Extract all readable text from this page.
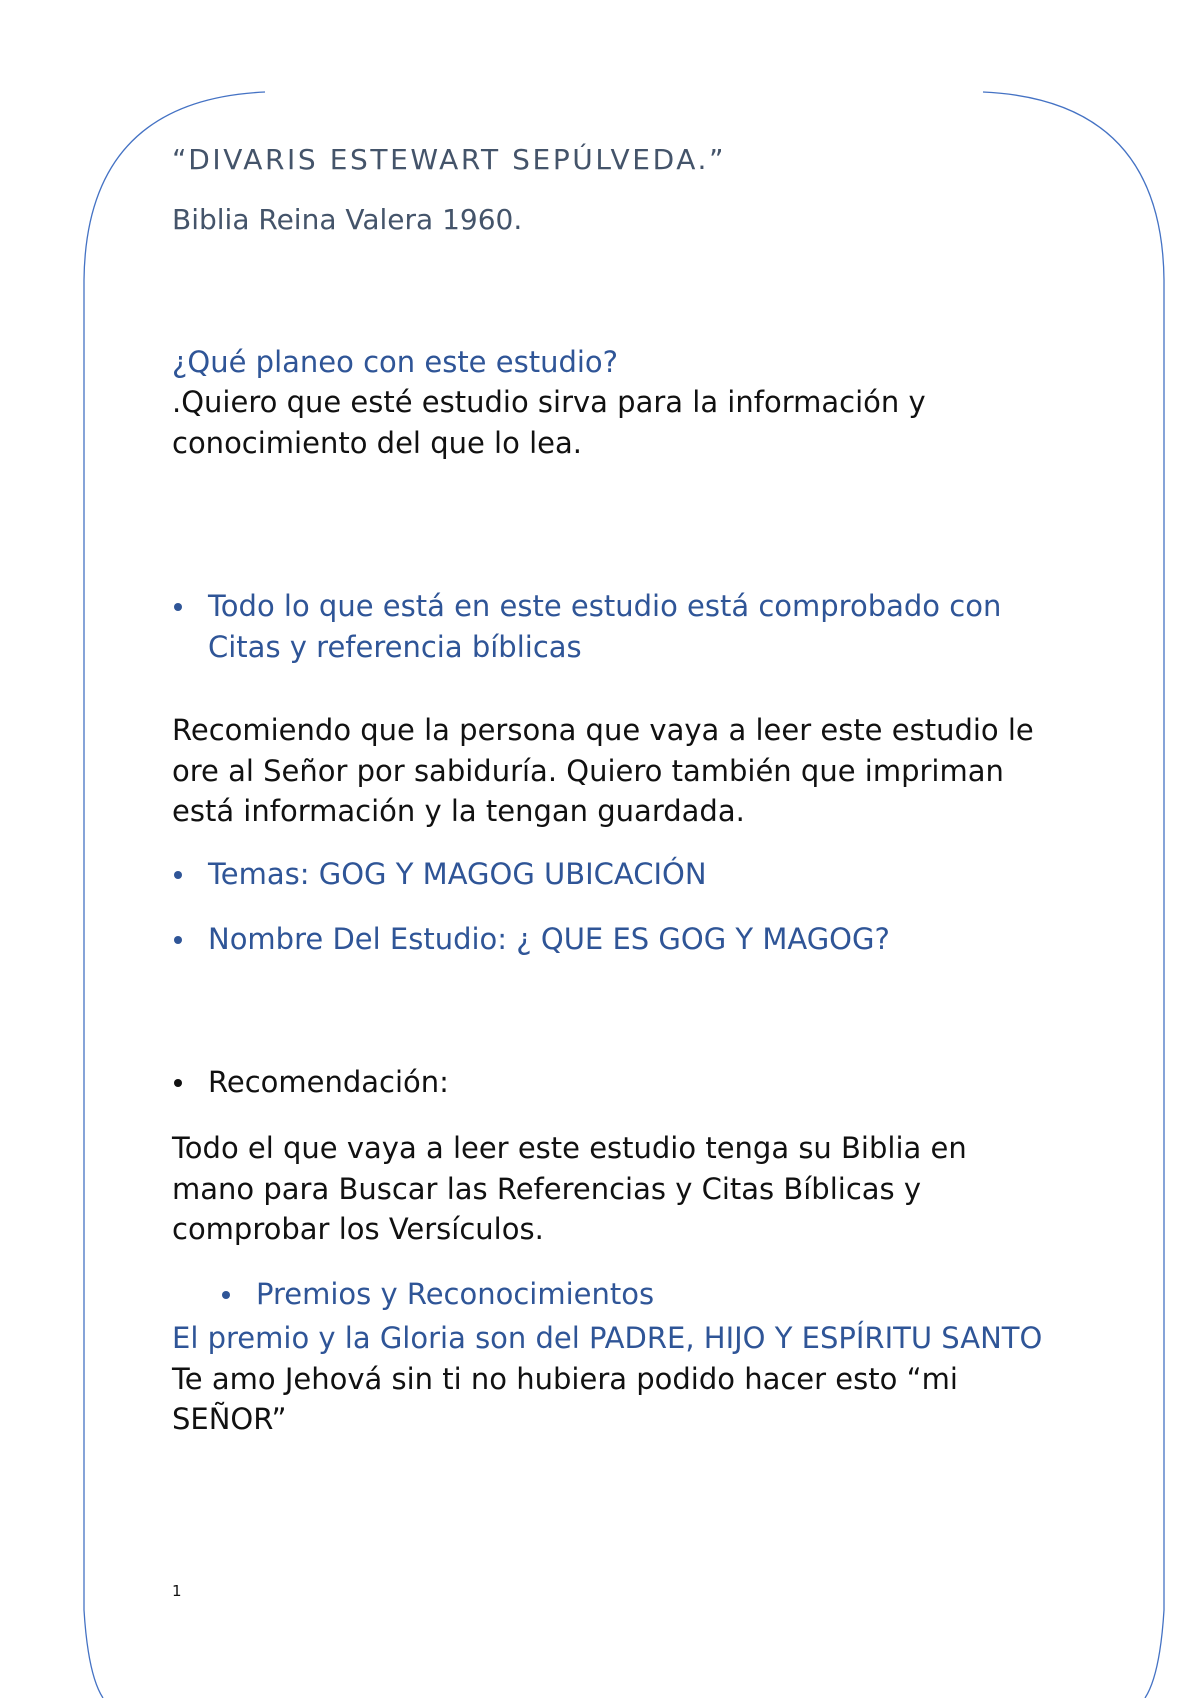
“DIVARIS ESTEWART SEPÚLVEDA.”

Biblia Reina Valera 1960.

¿Qué planeo con este estudio?

.Quiero que esté estudio sirva para la información y conocimiento del que lo lea.

Todo lo que está en este estudio está comprobado con Citas y referencia bíblicas

Recomiendo que la persona que vaya a leer este estudio le ore al Señor por sabiduría. Quiero también que impriman está información y la tengan guardada.

Temas: GOG Y MAGOG UBICACIÓN
Nombre Del Estudio: ¿ QUE ES GOG Y MAGOG?
Recomendación:

Todo el que vaya a leer este estudio tenga su Biblia en mano para Buscar las Referencias y Citas Bíblicas y comprobar los Versículos.

Premios y Reconocimientos

El premio y la Gloria son del PADRE, HIJO Y ESPÍRITU SANTO

Te amo Jehová sin ti no hubiera podido hacer esto “mi SEÑOR”

1
